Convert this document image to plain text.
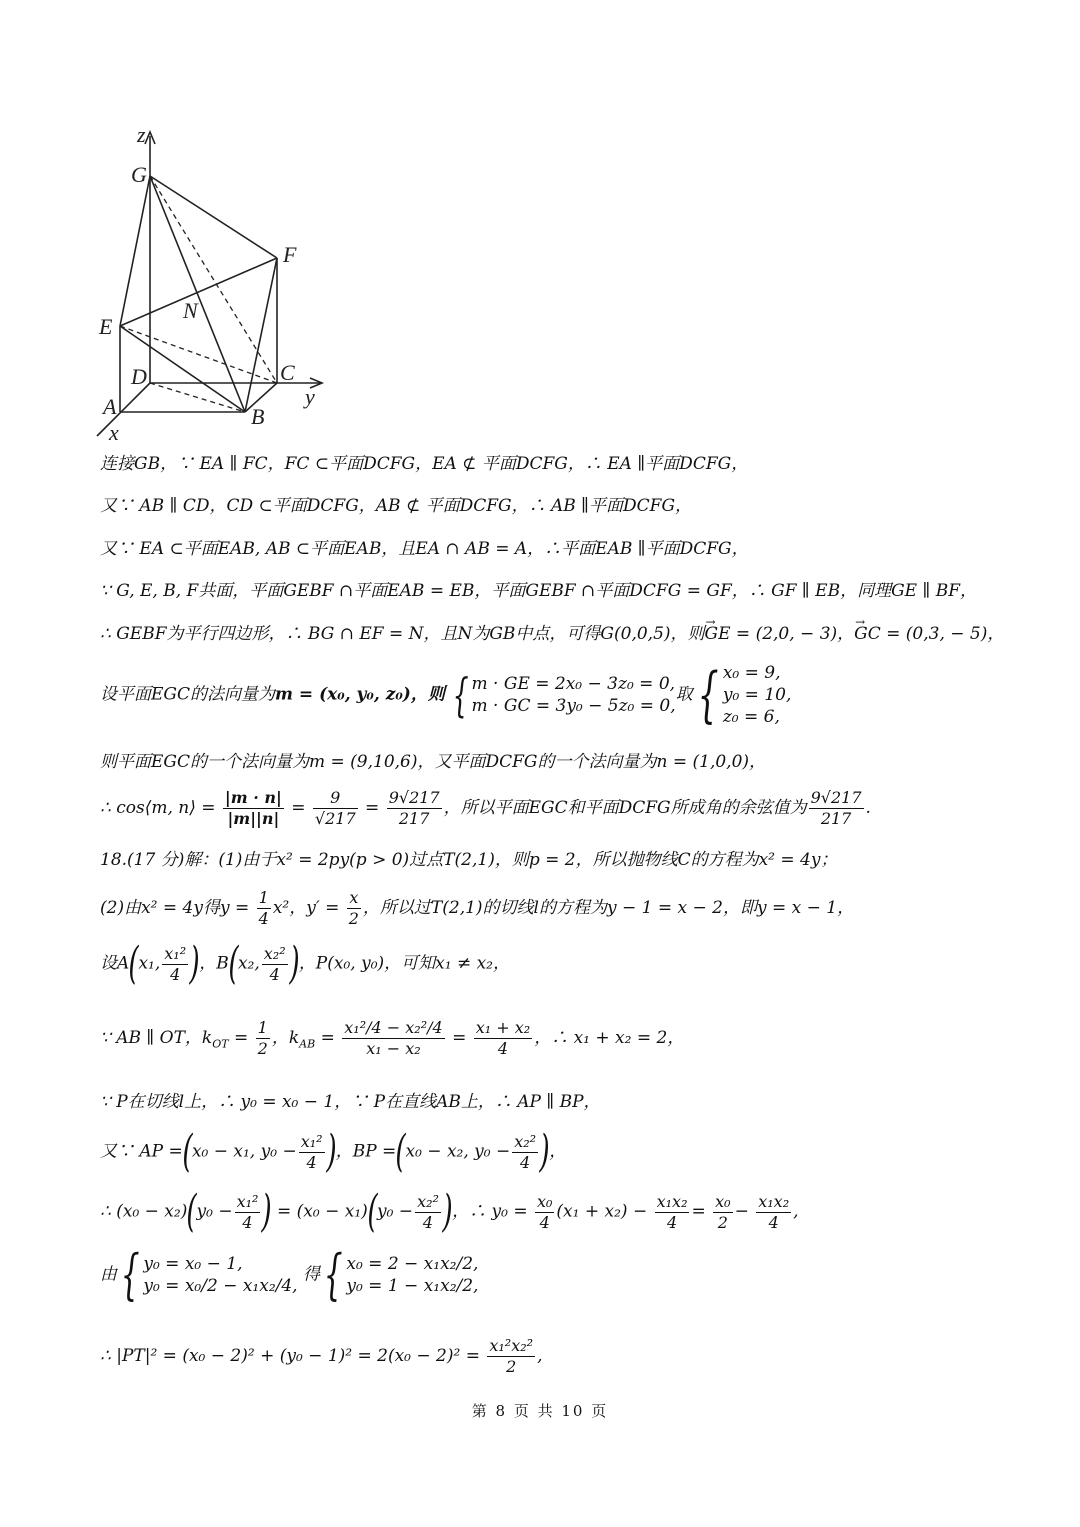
z
G
F
E
N
D	C
y
A	B
x
连接GB，∵ EA ∥ FC，FC ⊂平面DCFG，EA ⊄ 平面DCFG，∴ EA ∥平面DCFG，
又∵ AB ∥ CD，CD ⊂平面DCFG，AB ⊄ 平面DCFG，∴ AB ∥平面DCFG，
又∵ EA ⊂平面EAB, AB ⊂平面EAB，且EA ∩ AB = A，∴平面EAB ∥平面DCFG，
∵ G, E, B, F共面，平面GEBF ∩平面EAB = EB，平面GEBF ∩平面DCFG = GF，∴ GF ∥ EB，同理GE ∥ BF，
∴ GEBF为平行四边形，∴ BG ∩ EF = N，且N为GB中点，可得G(0,0,5)，则→ GE = (2,0, − 3)，→ GC = (0,3, − 5)，
设平面EGC的法向量为m = (x₀, y₀, z₀)，则 { m · GE = 2x₀ − 3z₀ = 0,
m · GC = 3y₀ − 5z₀ = 0,
取 { x₀ = 9,
y₀ = 10,
z₀ = 6,
则平面EGC的一个法向量为m = (9,10,6)，又平面DCFG的一个法向量为n = (1,0,0)，
∴ cos⟨m, n⟩ = $\frac{|m \cdot n|}{|m||n|} = \frac{9}{√217} = \frac{9√217}{217}$ ，所以平面EGC和平面DCFG所成角的余弦值为 $\frac{9√217}{217}$ .
18.(17 分)解：(1)由于x² = 2py(p > 0)过点T(2,1)，则p = 2，所以抛物线C的方程为x² = 4y；
(2)由x² = 4y得$y = \frac{1}{4} x^2$，$y' = \frac{x}{2}$ ，所以过T(2,1)的切线l的方程为y − 1 = x − 2，即y = x − 1，
设A(x₁, $\frac{\text{x₁²}}{4}$ )，B(x₂, $\frac{\text{x₂²}}{4}$ )，P(x₀, y₀)，可知x₁ ≠ x₂，
∵ AB ∥ OT，$k_{OT} = \frac{1}{2}$ ，$k_{AB} = \frac{\text{x₁²/4 − x₂²/4}}{\text{x₁ − x₂}} = \frac{\text{x₁ + x₂}}{4}$ ，∴ x₁ + x₂ = 2，
∵ P在切线l上，∴ y₀ = x₀ − 1，∵ P在直线AB上，∴ AP ∥ BP，
又∵ AP =(x₀ − x₁, $y_0 - \frac{\text{x₁²}}{4}$ )，BP =(x₀ − x₂, $y_0 - \frac{\text{x₂²}}{4}$ )，
∴ $(x_0 - x_2)(y_0 - \frac{\text{x₁²}}{4}$ ) = $(x_0 - x_1)(y_0 - \frac{\text{x₂²}}{4}$ )，∴ $y_0 = \frac{\text{x₀}}{4} (x_1 + x_2) - \frac{\text{x₁x₂}}{4} = \frac{\text{x₀}}{2} - \frac{\text{x₁x₂}}{4}$ ,
由 { y₀ = x₀ − 1,
y₀ = x₀/2 − x₁x₂/4,
得 { x₀ = 2 − x₁x₂/2,
y₀ = 1 − x₁x₂/2,
∴ $|PT|^2 = (x_0 - 2)^2 + (y_0 - 1)^2 = 2(x_0 - 2)^2 = \frac{\text{x₁²x₂²}}{2}$ ,
第 8 页 共 10 页
